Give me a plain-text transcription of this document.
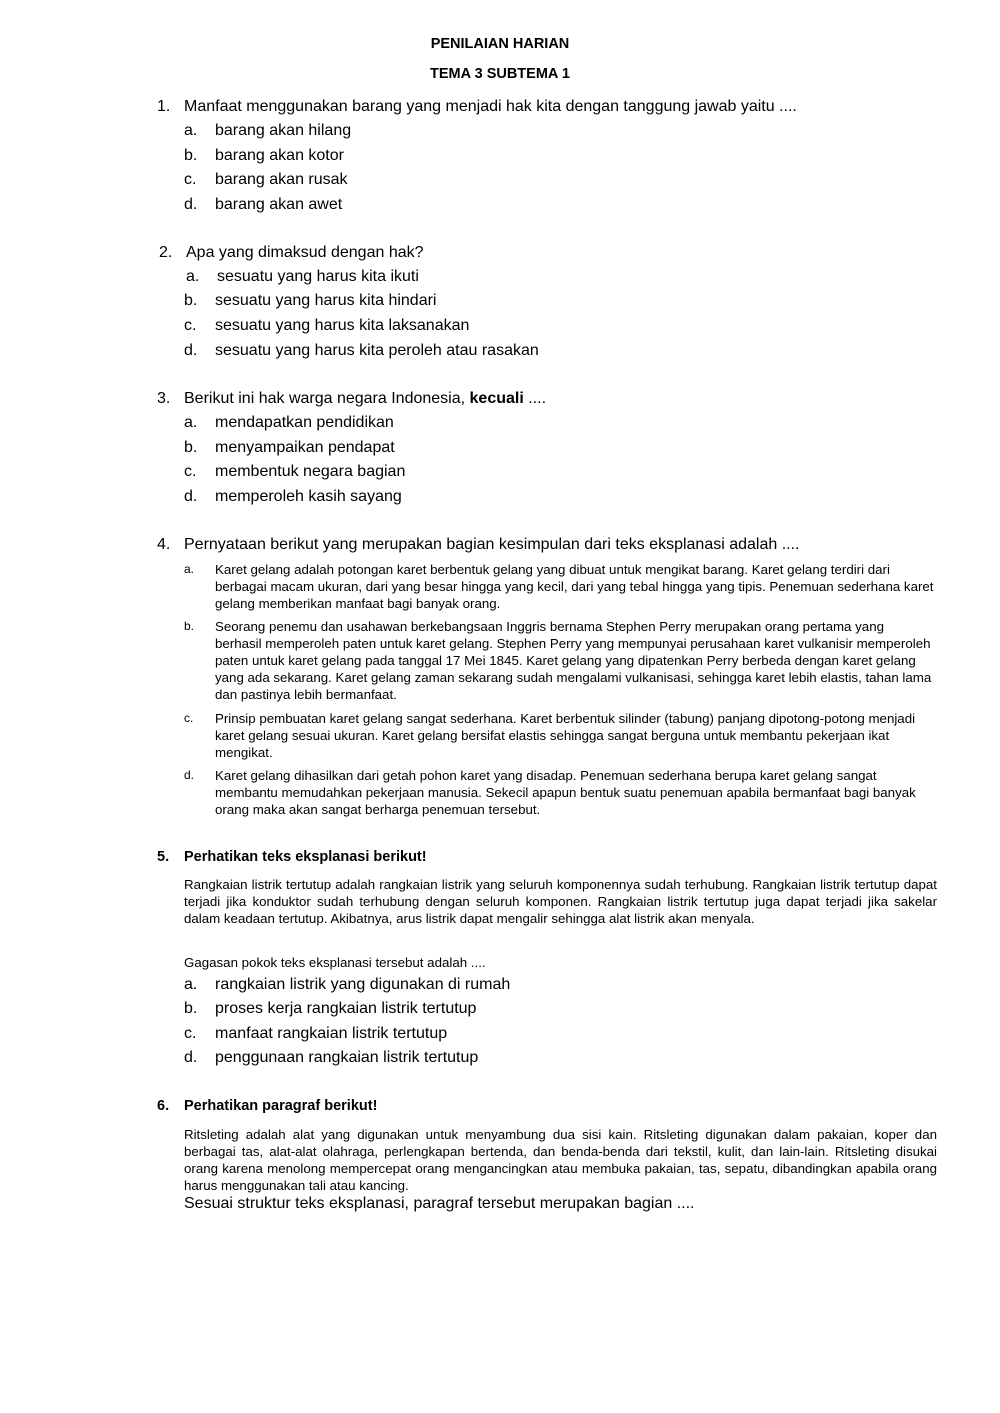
PENILAIAN HARIAN
TEMA 3 SUBTEMA 1
1. Manfaat menggunakan barang yang menjadi hak kita dengan tanggung jawab yaitu ....
a. barang akan hilang
b. barang akan kotor
c. barang akan rusak
d. barang akan awet
2. Apa yang dimaksud dengan hak?
a. sesuatu yang harus kita ikuti
b. sesuatu yang harus kita hindari
c. sesuatu yang harus kita laksanakan
d. sesuatu yang harus kita peroleh atau rasakan
3. Berikut ini hak warga negara Indonesia, kecuali ....
a. mendapatkan pendidikan
b. menyampaikan pendapat
c. membentuk negara bagian
d. memperoleh kasih sayang
4. Pernyataan berikut yang merupakan bagian kesimpulan dari teks eksplanasi adalah ....
a. Karet gelang adalah potongan karet berbentuk gelang yang dibuat untuk mengikat barang. Karet gelang terdiri dari berbagai macam ukuran, dari yang besar hingga yang kecil, dari yang tebal hingga yang tipis. Penemuan sederhana karet gelang memberikan manfaat bagi banyak orang.
b. Seorang penemu dan usahawan berkebangsaan Inggris bernama Stephen Perry merupakan orang pertama yang berhasil memperoleh paten untuk karet gelang. Stephen Perry yang mempunyai perusahaan karet vulkanisir memperoleh paten untuk karet gelang pada tanggal 17 Mei 1845. Karet gelang yang dipatenkan Perry berbeda dengan karet gelang yang ada sekarang. Karet gelang zaman sekarang sudah mengalami vulkanisasi, sehingga karet lebih elastis, tahan lama dan pastinya lebih bermanfaat.
c. Prinsip pembuatan karet gelang sangat sederhana. Karet berbentuk silinder (tabung) panjang dipotong-potong menjadi karet gelang sesuai ukuran. Karet gelang bersifat elastis sehingga sangat berguna untuk membantu pekerjaan ikat mengikat.
d. Karet gelang dihasilkan dari getah pohon karet yang disadap. Penemuan sederhana berupa karet gelang sangat membantu memudahkan pekerjaan manusia. Sekecil apapun bentuk suatu penemuan apabila bermanfaat bagi banyak orang maka akan sangat berharga penemuan tersebut.
5. Perhatikan teks eksplanasi berikut!
Rangkaian listrik tertutup adalah rangkaian listrik yang seluruh komponennya sudah terhubung. Rangkaian listrik tertutup dapat terjadi jika konduktor sudah terhubung dengan seluruh komponen. Rangkaian listrik tertutup juga dapat terjadi jika sakelar dalam keadaan tertutup. Akibatnya, arus listrik dapat mengalir sehingga alat listrik akan menyala.
Gagasan pokok teks eksplanasi tersebut adalah ....
a. rangkaian listrik yang digunakan di rumah
b. proses kerja rangkaian listrik tertutup
c. manfaat rangkaian listrik tertutup
d. penggunaan rangkaian listrik tertutup
6. Perhatikan paragraf berikut!
Ritsleting adalah alat yang digunakan untuk menyambung dua sisi kain. Ritsleting digunakan dalam pakaian, koper dan berbagai tas, alat-alat olahraga, perlengkapan bertenda, dan benda-benda dari tekstil, kulit, dan lain-lain. Ritsleting disukai orang karena menolong mempercepat orang mengancingkan atau membuka pakaian, tas, sepatu, dibandingkan apabila orang harus menggunakan tali atau kancing.
Sesuai struktur teks eksplanasi, paragraf tersebut merupakan bagian ....
